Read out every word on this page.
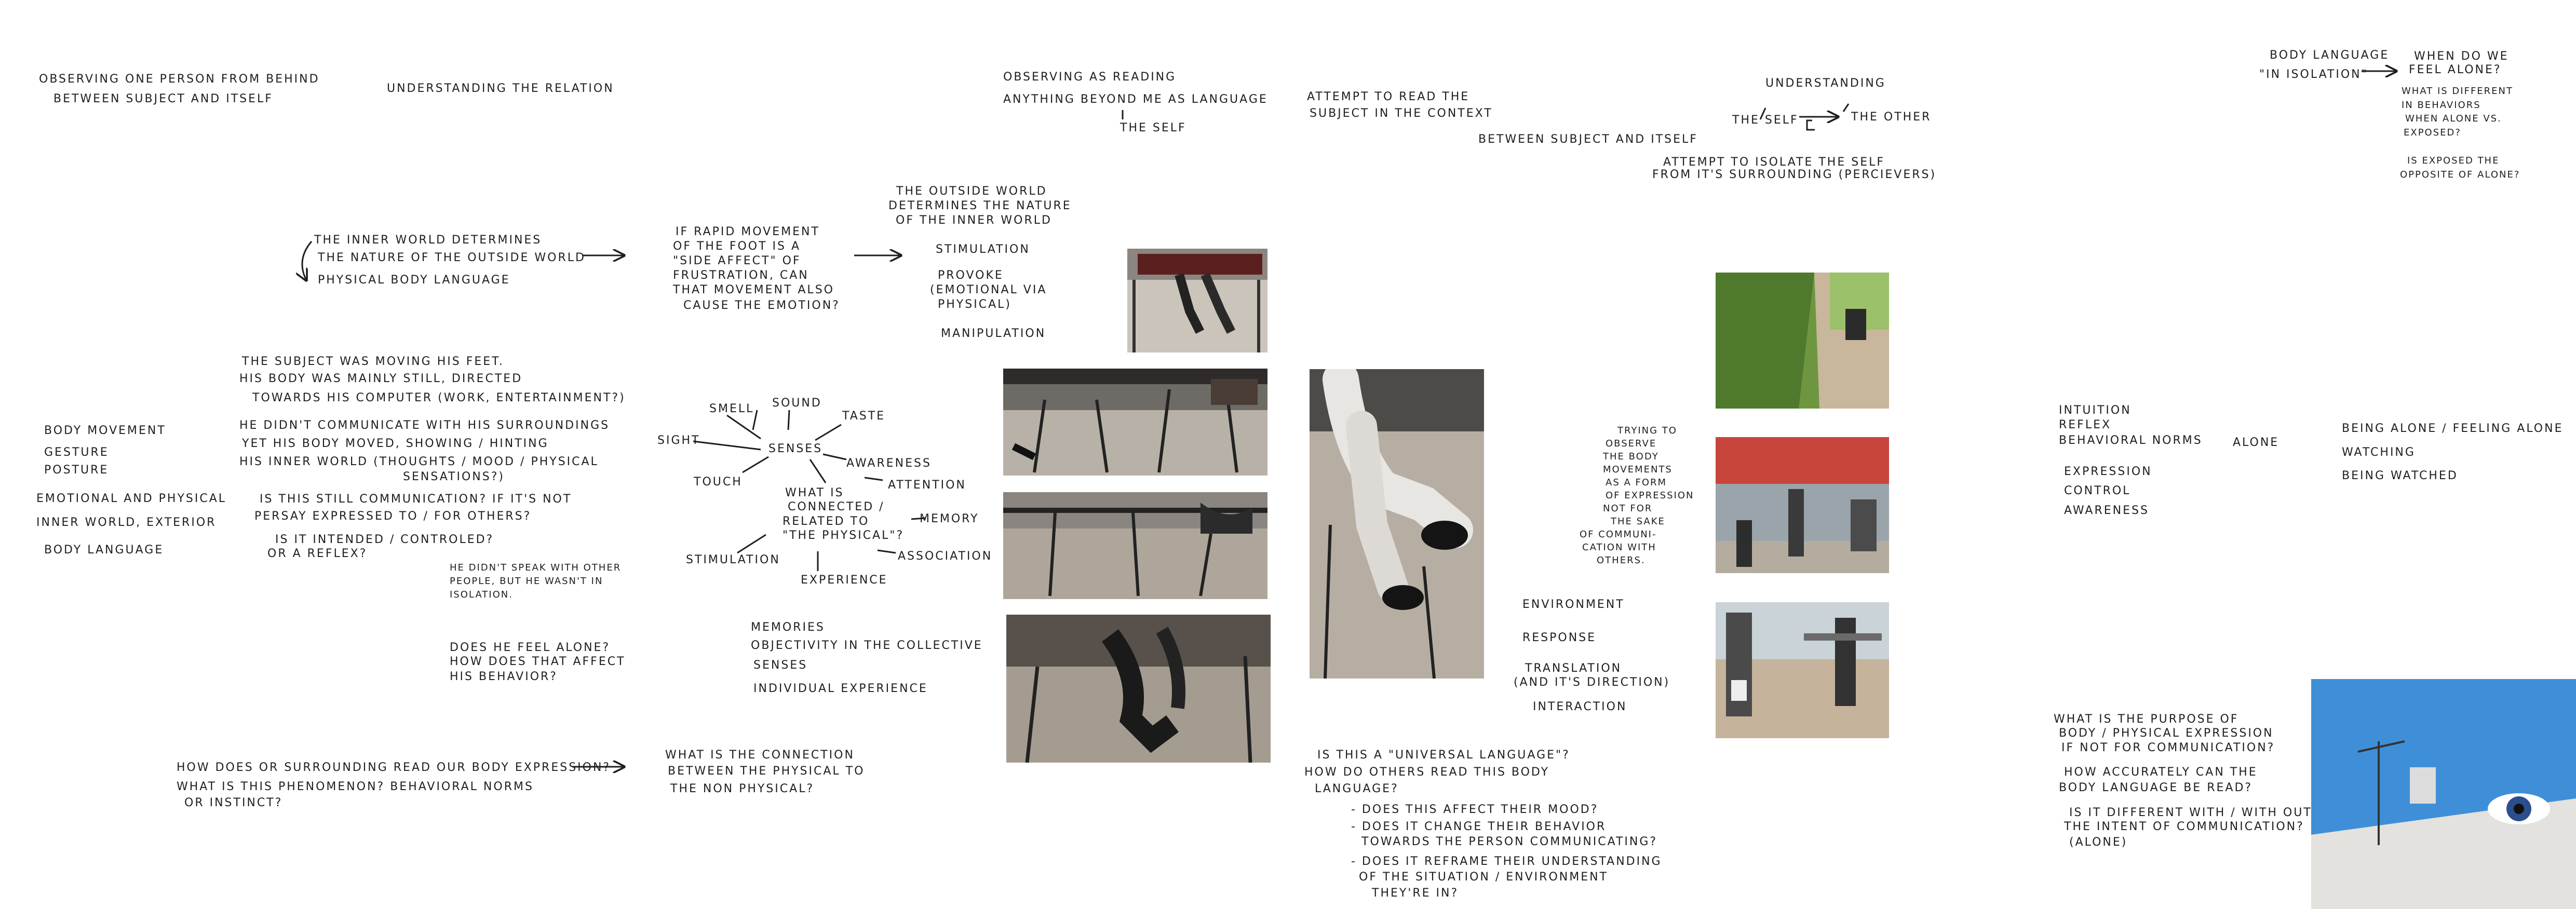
OBSERVING ONE PERSON FROM BEHIND
BETWEEN SUBJECT AND ITSELF
UNDERSTANDING THE RELATION
OBSERVING AS READING
ANYTHING BEYOND ME AS LANGUAGE
THE SELF
ATTEMPT TO READ THE
SUBJECT IN THE CONTEXT
BETWEEN SUBJECT AND ITSELF
UNDERSTANDING
THE SELF	THE OTHER
ATTEMPT TO ISOLATE THE SELF
FROM IT'S SURROUNDING (PERCIEVERS)
BODY LANGUAGE
"IN ISOLATION"
WHEN DO WE
FEEL ALONE?
WHAT IS DIFFERENT
IN BEHAVIORS
WHEN ALONE VS.
EXPOSED?
IS EXPOSED THE
OPPOSITE OF ALONE?
THE INNER WORLD DETERMINES
THE NATURE OF THE OUTSIDE WORLD
PHYSICAL BODY LANGUAGE
IF RAPID MOVEMENT
OF THE FOOT IS A
"SIDE AFFECT" OF
FRUSTRATION, CAN
THAT MOVEMENT ALSO
CAUSE THE EMOTION?
THE OUTSIDE WORLD
DETERMINES THE NATURE
OF THE INNER WORLD
STIMULATION
PROVOKE
(EMOTIONAL VIA
PHYSICAL)
MANIPULATION
THE SUBJECT WAS MOVING HIS FEET.
HIS BODY WAS MAINLY STILL, DIRECTED
TOWARDS HIS COMPUTER (WORK, ENTERTAINMENT?)
HE DIDN'T COMMUNICATE WITH HIS SURROUNDINGS
YET HIS BODY MOVED, SHOWING / HINTING
HIS INNER WORLD (THOUGHTS / MOOD / PHYSICAL
SENSATIONS?)
IS THIS STILL COMMUNICATION? IF IT'S NOT
PERSAY EXPRESSED TO / FOR OTHERS?
IS IT INTENDED / CONTROLED?
OR A REFLEX?
HE DIDN'T SPEAK WITH OTHER
PEOPLE, BUT HE WASN'T IN
ISOLATION.
DOES HE FEEL ALONE?
HOW DOES THAT AFFECT
HIS BEHAVIOR?
BODY MOVEMENT
GESTURE
POSTURE
EMOTIONAL AND PHYSICAL
INNER WORLD, EXTERIOR
BODY LANGUAGE
SMELL SOUND
TASTE
SIGHT
SENSES
TOUCH
AWARENESS
ATTENTION
WHAT IS
CONNECTED /
RELATED TO
"THE PHYSICAL"?
MEMORY
STIMULATION	ASSOCIATION
EXPERIENCE
MEMORIES
OBJECTIVITY IN THE COLLECTIVE
SENSES
INDIVIDUAL EXPERIENCE
HOW DOES OR SURROUNDING READ OUR BODY EXPRESSION?
WHAT IS THIS PHENOMENON? BEHAVIORAL NORMS
OR INSTINCT?
WHAT IS THE CONNECTION
BETWEEN THE PHYSICAL TO
THE NON PHYSICAL?
TRYING TO
OBSERVE
THE BODY
MOVEMENTS
AS A FORM
OF EXPRESSION
NOT FOR
THE SAKE
OF COMMUNI-
CATION WITH
OTHERS.
ENVIRONMENT
RESPONSE
TRANSLATION
(AND IT'S DIRECTION)
INTERACTION
IS THIS A "UNIVERSAL LANGUAGE"?
HOW DO OTHERS READ THIS BODY
LANGUAGE?
- DOES THIS AFFECT THEIR MOOD?
- DOES IT CHANGE THEIR BEHAVIOR
TOWARDS THE PERSON COMMUNICATING?
- DOES IT REFRAME THEIR UNDERSTANDING
OF THE SITUATION / ENVIRONMENT
THEY'RE IN?
INTUITION
REFLEX
BEHAVIORAL NORMS
EXPRESSION
CONTROL
AWARENESS
ALONE
BEING ALONE / FEELING ALONE
WATCHING
BEING WATCHED
WHAT IS THE PURPOSE OF
BODY / PHYSICAL EXPRESSION
IF NOT FOR COMMUNICATION?
HOW ACCURATELY CAN THE
BODY LANGUAGE BE READ?
IS IT DIFFERENT WITH / WITH OUT
THE INTENT OF COMMUNICATION?
(ALONE)
